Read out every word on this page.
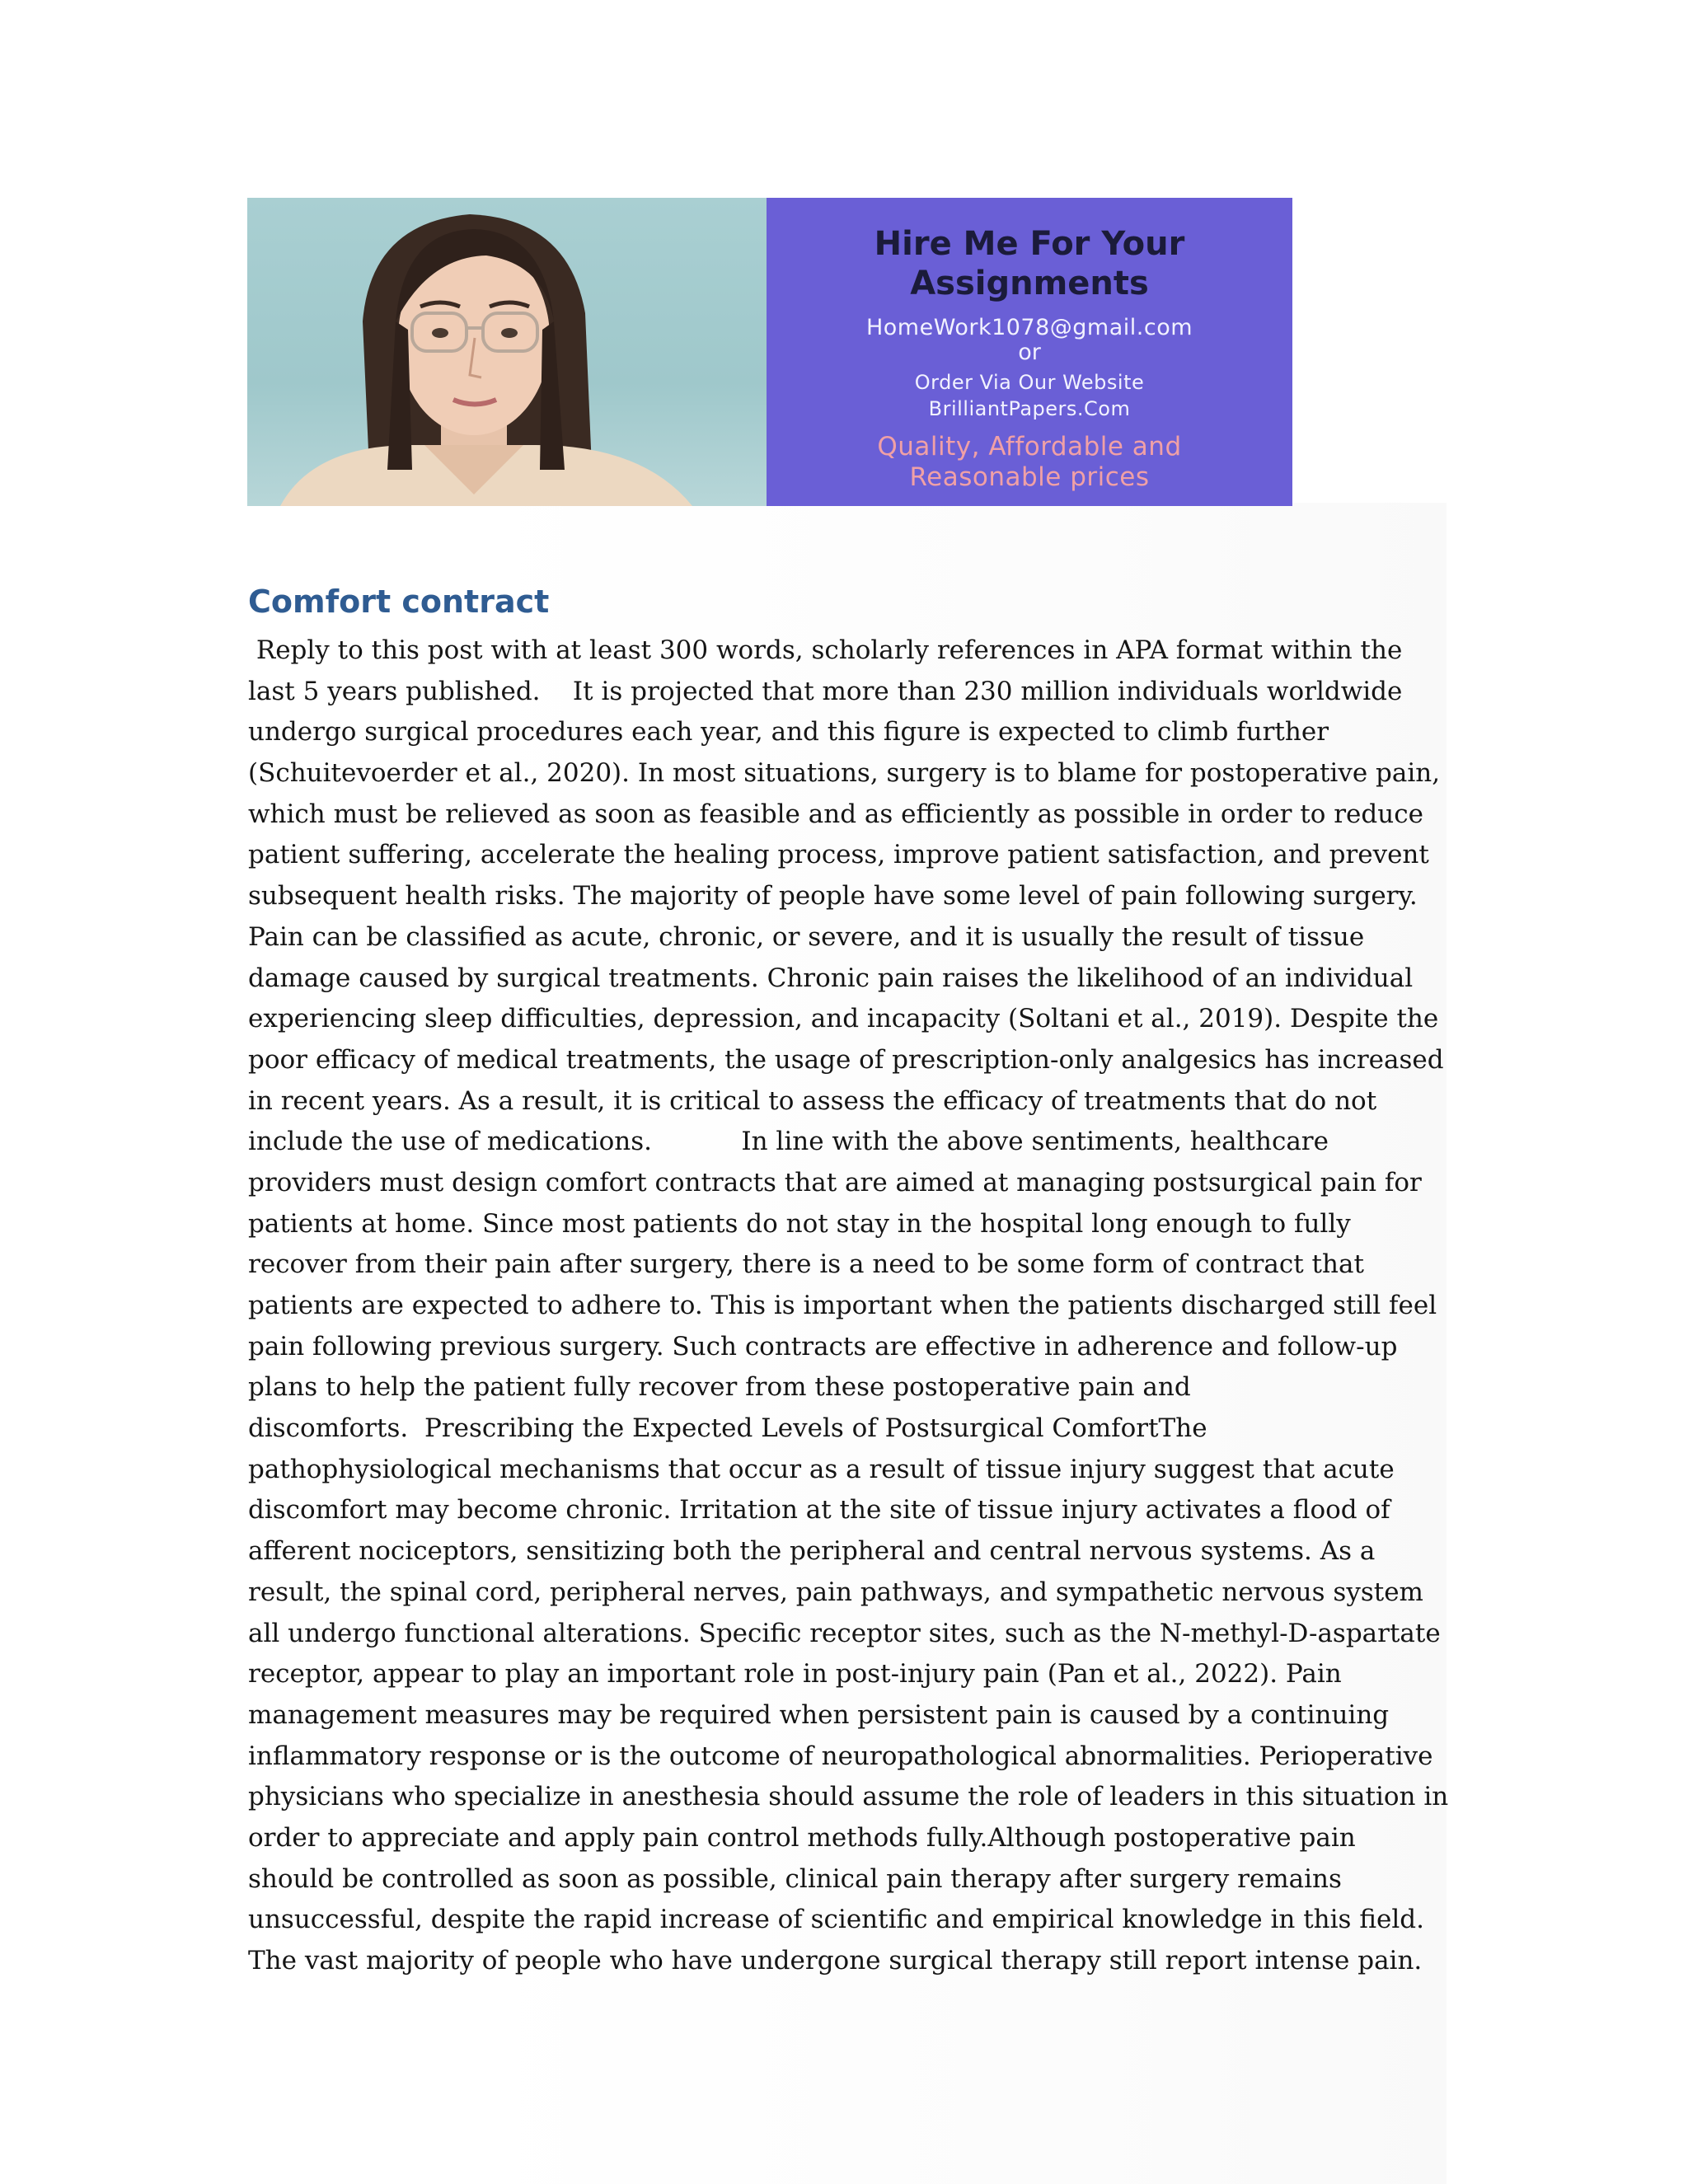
Hire Me For Your
Assignments
HomeWork1078@gmail.com
or
Order Via Our Website
BrilliantPapers.Com
Quality, Affordable and
Reasonable prices
Comfort contract
Reply to this post with at least 300 words, scholarly references in APA format within the
last 5 years published.    It is projected that more than 230 million individuals worldwide
undergo surgical procedures each year, and this figure is expected to climb further
(Schuitevoerder et al., 2020). In most situations, surgery is to blame for postoperative pain,
which must be relieved as soon as feasible and as efficiently as possible in order to reduce
patient suffering, accelerate the healing process, improve patient satisfaction, and prevent
subsequent health risks. The majority of people have some level of pain following surgery.
Pain can be classified as acute, chronic, or severe, and it is usually the result of tissue
damage caused by surgical treatments. Chronic pain raises the likelihood of an individual
experiencing sleep difficulties, depression, and incapacity (Soltani et al., 2019). Despite the
poor efficacy of medical treatments, the usage of prescription-only analgesics has increased
in recent years. As a result, it is critical to assess the efficacy of treatments that do not
include the use of medications.           In line with the above sentiments, healthcare
providers must design comfort contracts that are aimed at managing postsurgical pain for
patients at home. Since most patients do not stay in the hospital long enough to fully
recover from their pain after surgery, there is a need to be some form of contract that
patients are expected to adhere to. This is important when the patients discharged still feel
pain following previous surgery. Such contracts are effective in adherence and follow-up
plans to help the patient fully recover from these postoperative pain and
discomforts.  Prescribing the Expected Levels of Postsurgical ComfortThe
pathophysiological mechanisms that occur as a result of tissue injury suggest that acute
discomfort may become chronic. Irritation at the site of tissue injury activates a flood of
afferent nociceptors, sensitizing both the peripheral and central nervous systems. As a
result, the spinal cord, peripheral nerves, pain pathways, and sympathetic nervous system
all undergo functional alterations. Specific receptor sites, such as the N-methyl-D-aspartate
receptor, appear to play an important role in post-injury pain (Pan et al., 2022). Pain
management measures may be required when persistent pain is caused by a continuing
inflammatory response or is the outcome of neuropathological abnormalities. Perioperative
physicians who specialize in anesthesia should assume the role of leaders in this situation in
order to appreciate and apply pain control methods fully.Although postoperative pain
should be controlled as soon as possible, clinical pain therapy after surgery remains
unsuccessful, despite the rapid increase of scientific and empirical knowledge in this field.
The vast majority of people who have undergone surgical therapy still report intense pain.
